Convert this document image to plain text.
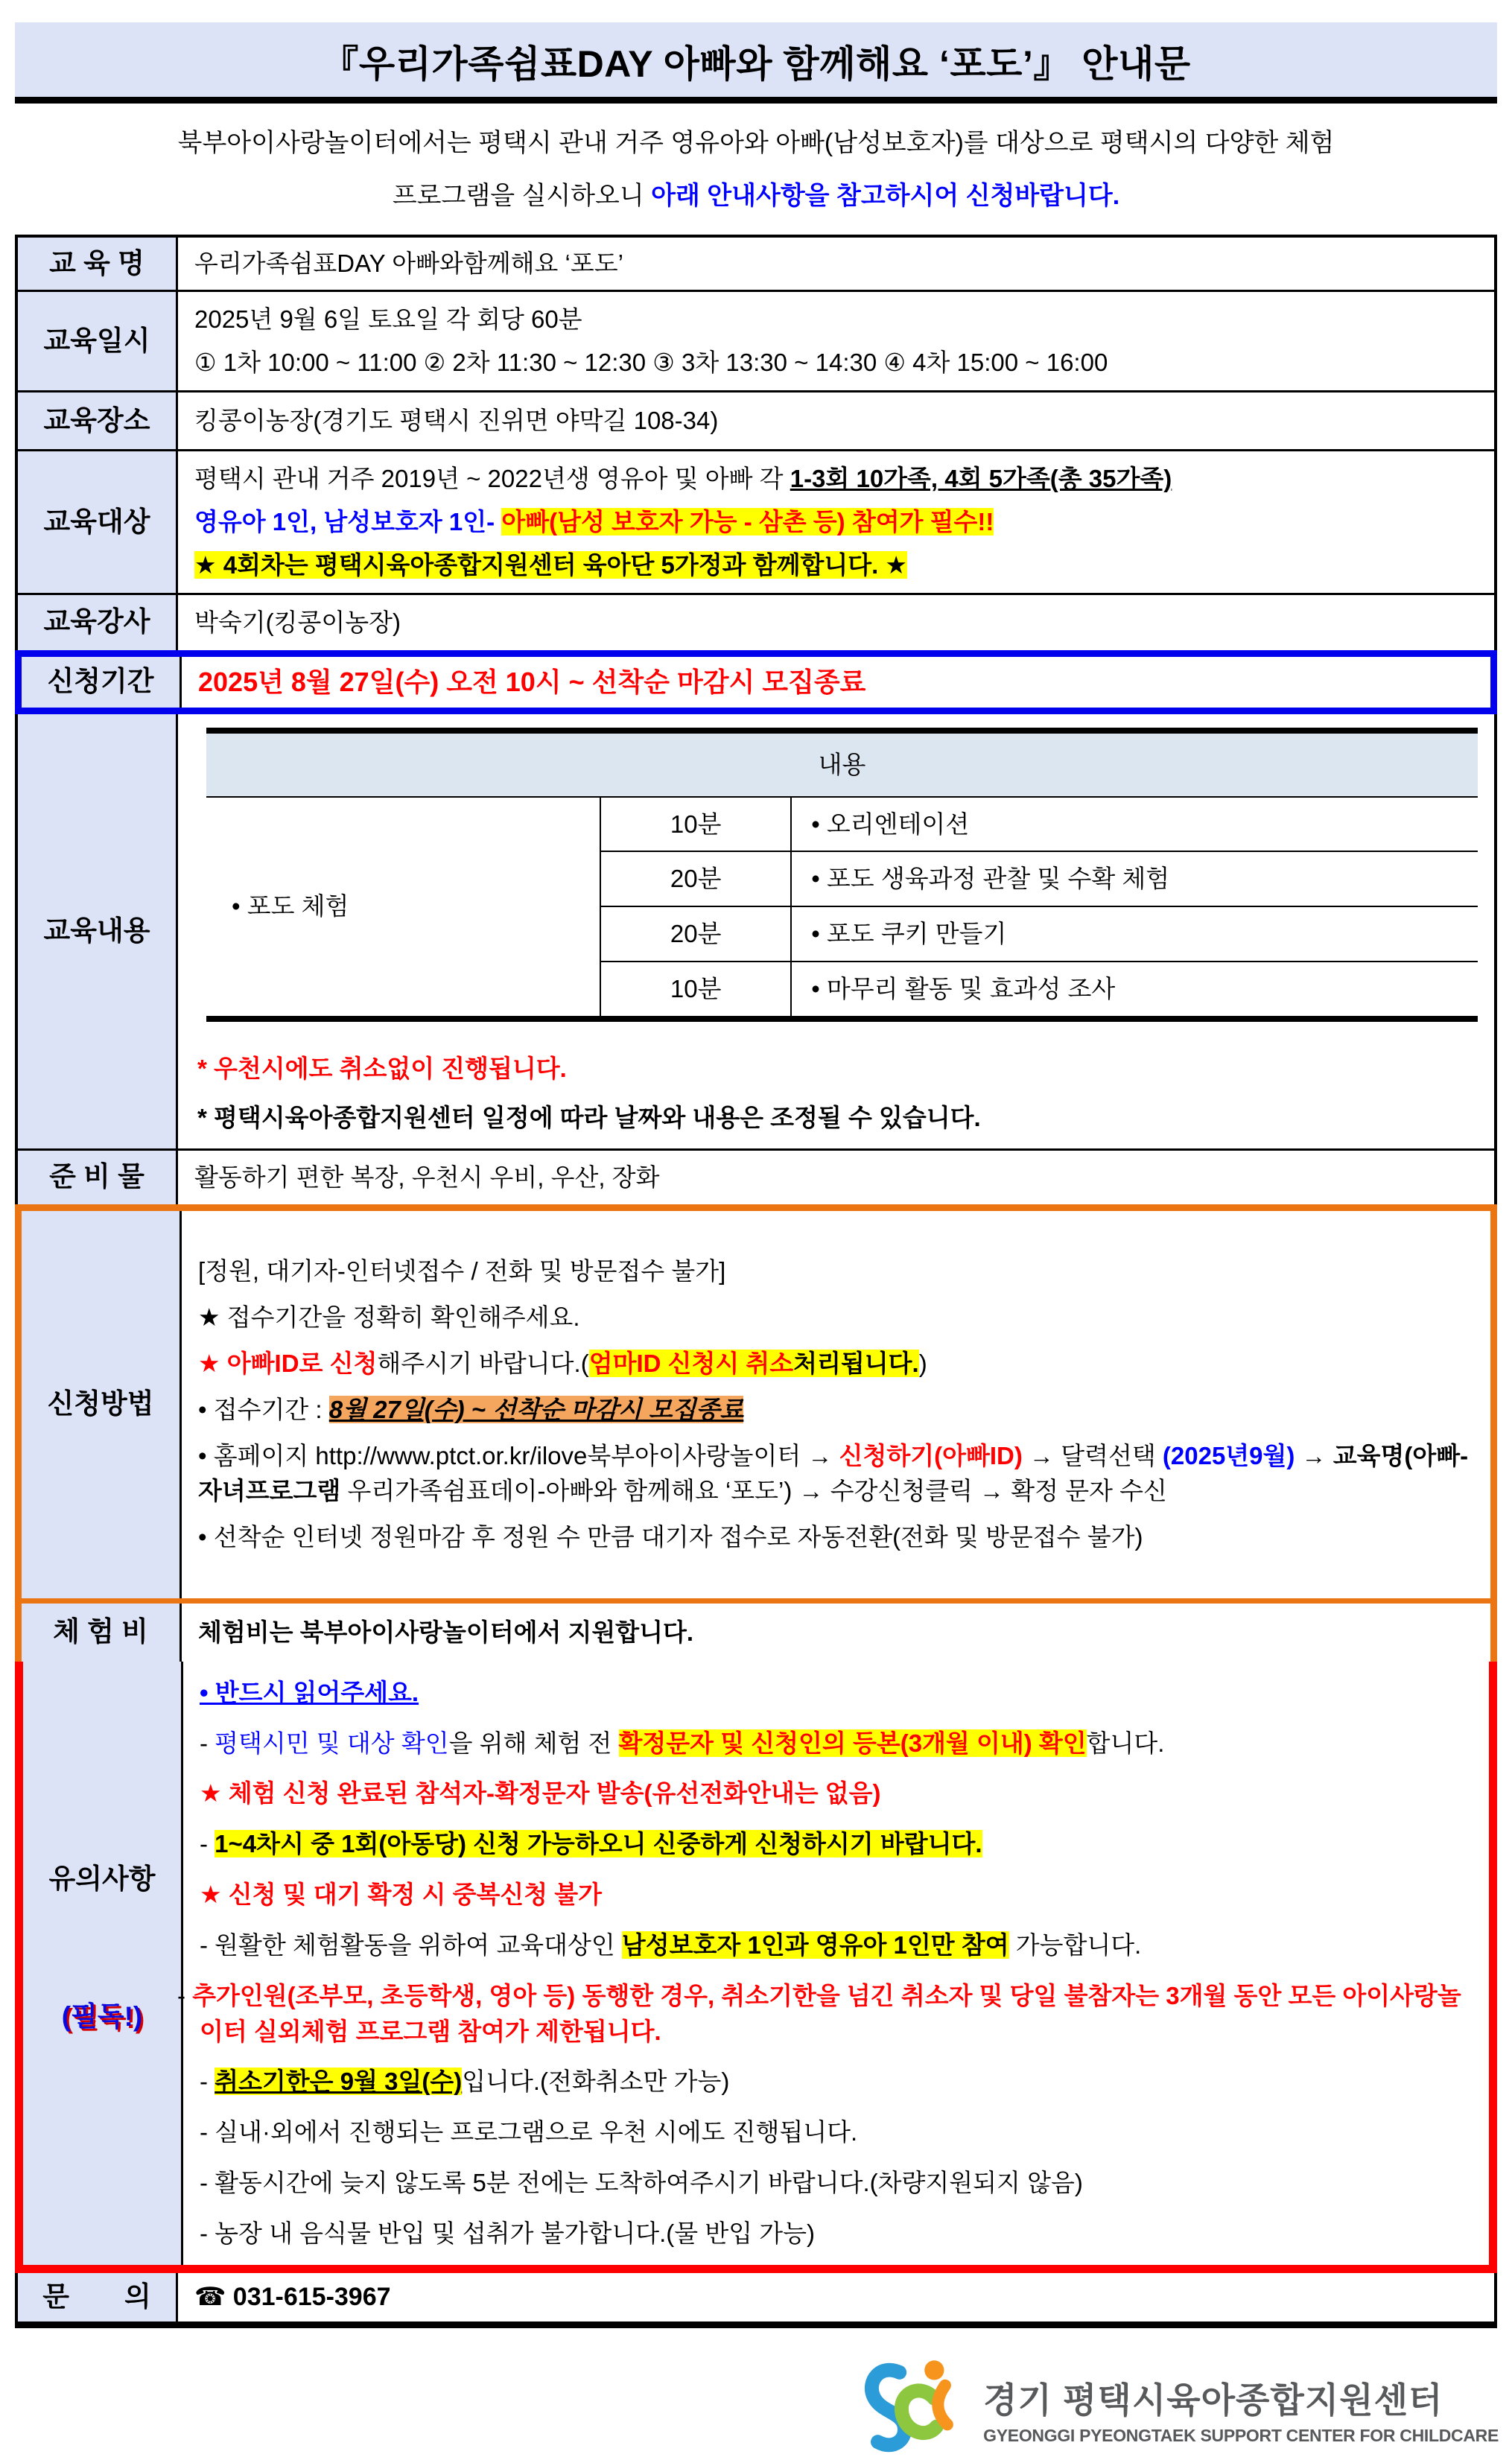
『우리가족쉼표DAY 아빠와 함께해요 ‘포도’』 안내문
북부아이사랑놀이터에서는 평택시 관내 거주 영유아와 아빠(남성보호자)를 대상으로 평택시의 다양한 체험
프로그램을 실시하오니 아래 안내사항을 참고하시어 신청바랍니다.
교 육 명 우리가족쉼표DAY 아빠와함께해요 ‘포도’
교육일시
2025년 9월 6일 토요일 각 회당 60분
① 1차 10:00 ~ 11:00 ② 2차 11:30 ~ 12:30 ③ 3차 13:30 ~ 14:30 ④ 4차 15:00 ~ 16:00
교육장소 킹콩이농장(경기도 평택시 진위면 야막길 108-34)
교육대상
평택시 관내 거주 2019년 ~ 2022년생 영유아 및 아빠 각 1-3회 10가족, 4회 5가족(총 35가족)
영유아 1인, 남성보호자 1인- 아빠(남성 보호자 가능 - 삼촌 등) 참여가 필수!!
★ 4회차는 평택시육아종합지원센터 육아단 5가정과 함께합니다. ★
교육강사 박숙기(킹콩이농장)
신청기간 2025년 8월 27일(수) 오전 10시 ~ 선착순 마감시 모집종료
교육내용
내용		
• 포도 체험	10분	• 오리엔테이션
	20분	• 포도 생육과정 관찰 및 수확 체험
	20분	• 포도 쿠키 만들기
	10분	• 마무리 활동 및 효과성 조사
* 우천시에도 취소없이 진행됩니다.
* 평택시육아종합지원센터 일정에 따라 날짜와 내용은 조정될 수 있습니다.
준 비 물 활동하기 편한 복장, 우천시 우비, 우산, 장화
신청방법
[정원, 대기자-인터넷접수 / 전화 및 방문접수 불가]
★ 접수기간을 정확히 확인해주세요.
★ 아빠ID로 신청해주시기 바랍니다.(엄마ID 신청시 취소처리됩니다.)
• 접수기간 : 8월 27일(수) ~ 선착순 마감시 모집종료
• 홈페이지 http://www.ptct.or.kr/ilove북부아이사랑놀이터 → 신청하기(아빠ID) → 달력선택 (2025년9월) → 교육명(아빠-자녀프로그램 우리가족쉼표데이-아빠와 함께해요 ‘포도’) → 수강신청클릭 → 확정 문자 수신
• 선착순 인터넷 정원마감 후 정원 수 만큼 대기자 접수로 자동전환(전화 및 방문접수 불가)
체 험 비 체험비는 북부아이사랑놀이터에서 지원합니다.
유의사항
(필독!)
• 반드시 읽어주세요.
- 평택시민 및 대상 확인을 위해 체험 전 확정문자 및 신청인의 등본(3개월 이내) 확인합니다.
★ 체험 신청 완료된 참석자-확정문자 발송(유선전화안내는 없음)
- 1~4차시 중 1회(아동당) 신청 가능하오니 신중하게 신청하시기 바랍니다.
★ 신청 및 대기 확정 시 중복신청 불가
- 원활한 체험활동을 위하여 교육대상인 남성보호자 1인과 영유아 1인만 참여 가능합니다.
- 추가인원(조부모, 초등학생, 영아 등) 동행한 경우, 취소기한을 넘긴 취소자 및 당일 불참자는 3개월 동안 모든 아이사랑놀이터 실외체험 프로그램 참여가 제한됩니다.
- 취소기한은 9월 3일(수)입니다.(전화취소만 가능)
- 실내·외에서 진행되는 프로그램으로 우천 시에도 진행됩니다.
- 활동시간에 늦지 않도록 5분 전에는 도착하여주시기 바랍니다.(차량지원되지 않음)
- 농장 내 음식물 반입 및 섭취가 불가합니다.(물 반입 가능)
문　　의 ☎ 031-615-3967
경기 평택시육아종합지원센터
GYEONGGI PYEONGTAEK SUPPORT CENTER FOR CHILDCARE
